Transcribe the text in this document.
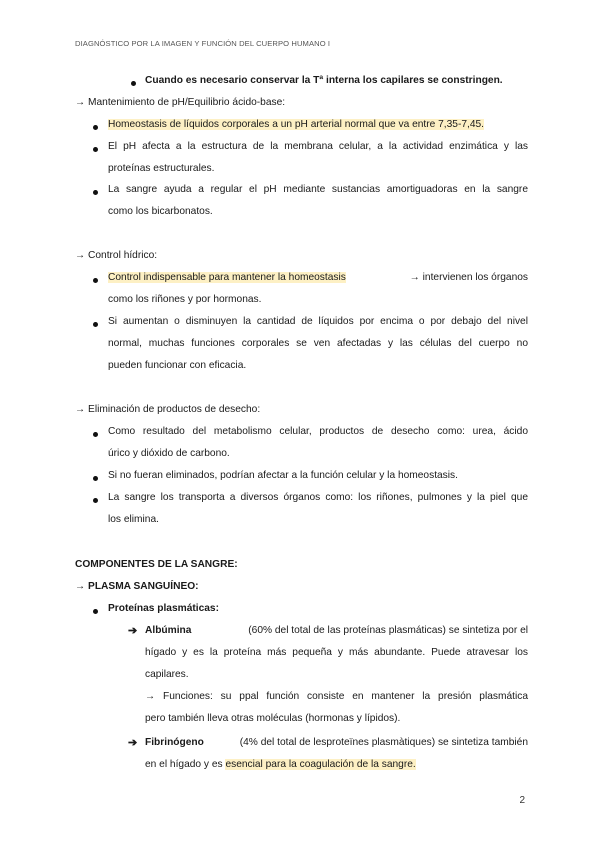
DIAGNÓSTICO POR LA IMAGEN Y FUNCIÓN DEL CUERPO HUMANO I
Cuando es necesario conservar la Tª interna los capilares se constringen.
→ Mantenimiento de pH/Equilibrio ácido-base:
Homeostasis de líquidos corporales a un pH arterial normal que va entre 7,35-7,45.
El pH afecta a la estructura de la membrana celular, a la actividad enzimática y las
proteínas estructurales.
La sangre ayuda a regular el pH mediante sustancias amortiguadoras en la sangre
como los bicarbonatos.
→ Control hídrico:
Control indispensable para mantener la homeostasis	→ intervienen los órganos
como los riñones y por hormonas.
Si aumentan o disminuyen la cantidad de líquidos por encima o por debajo del nivel
normal, muchas funciones corporales se ven afectadas y las células del cuerpo no
pueden funcionar con eficacia.
→ Eliminación de productos de desecho:
Como resultado del metabolismo celular, productos de desecho como: urea, ácido
úrico y dióxido de carbono.
Si no fueran eliminados, podrían afectar a la función celular y la homeostasis.
La sangre los transporta a diversos órganos como: los riñones, pulmones y la piel que
los elimina.
COMPONENTES DE LA SANGRE:
→ PLASMA SANGUÍNEO:
Proteínas plasmáticas:
➔ Albúmina	(60% del total de las proteínas plasmáticas) se sintetiza por el
hígado y es la proteína más pequeña y más abundante. Puede atravesar los
capilares.
→ Funciones: su ppal función consiste en mantener la presión plasmática
pero también lleva otras moléculas (hormonas y lípidos).
➔ Fibrinógeno	(4% del total de lesproteïnes plasmàtiques) se sintetiza también
en el hígado y es esencial para la coagulación de la sangre.
2
